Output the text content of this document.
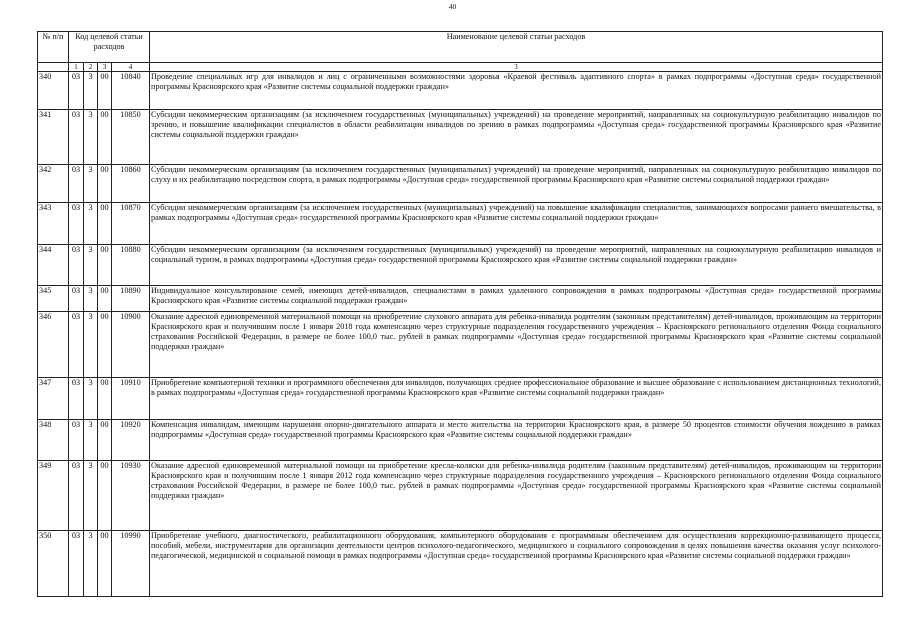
40
№ п/п	Код целевой статьи расходов				Наименование целевой статьи расходов

	1	2	3	4	3
340	03	3	00	10840	Проведение специальных игр для инвалидов и лиц с ограниченными возможностями здоровья «Краевой фестиваль адаптивного спорта» в рамках подпрограммы «Доступная среда» государственной программы Красноярского края «Развитие системы социальной поддержки граждан»
341	03	3	00	10850	Субсидии некоммерческим организациям (за исключением государственных (муниципальных) учреждений) на проведение мероприятий, направленных на социокультурную реабилитацию инвалидов по зрению, и повышение квалификации специалистов в области реабилитации инвалидов по зрению в рамках подпрограммы «Доступная среда» государственной программы Красноярского края «Развитие системы социальной поддержки граждан»
342	03	3	00	10860	Субсидии некоммерческим организациям (за исключением государственных (муниципальных) учреждений) на проведение мероприятий, направленных на социокультурную реабилитацию инвалидов по слуху и их реабилитацию посредством спорта, в рамках подпрограммы «Доступная среда» государственной программы Красноярского края «Развитие системы социальной поддержки граждан»
343	03	3	00	10870	Субсидии некоммерческим организациям (за исключением государственных (муниципальных) учреждений) на повышение квалификации специалистов, занимающихся вопросами раннего вмешательства, в рамках подпрограммы «Доступная среда» государственной программы Красноярского края «Развитие системы социальной поддержки граждан»
344	03	3	00	10880	Субсидии некоммерческим организациям (за исключением государственных (муниципальных) учреждений) на проведение мероприятий, направленных на социокультурную реабилитацию инвалидов и социальный туризм, в рамках подпрограммы «Доступная среда» государственной программы Красноярского края «Развитие системы социальной поддержки граждан»
345	03	3	00	10890	Индивидуальное консультирование семей, имеющих детей-инвалидов, специалистами в рамках удаленного сопровождения в рамках подпрограммы «Доступная среда» государственной программы Красноярского края «Развитие системы социальной поддержки граждан»
346	03	3	00	10900	Оказание адресной единовременной материальной помощи на приобретение слухового аппарата для ребенка-инвалида родителям (законным представителям) детей-инвалидов, проживающим на территории Красноярского края и получившим после 1 января 2018 года компенсацию через структурные подразделения государственного учреждения – Красноярского регионального отделения Фонда социального страхования Российской Федерации, в размере не более 100,0 тыс. рублей в рамках подпрограммы «Доступная среда» государственной программы Красноярского края «Развитие системы социальной поддержки граждан»
347	03	3	00	10910	Приобретение компьютерной техники и программного обеспечения для инвалидов, получающих среднее профессиональное образование и высшее образование с использованием дистанционных технологий, в рамках подпрограммы «Доступная среда» государственной программы Красноярского края «Развитие системы социальной поддержки граждан»
348	03	3	00	10920	Компенсация инвалидам, имеющим нарушения опорно-двигательного аппарата и место жительства на территории Красноярского края, в размере 50 процентов стоимости обучения вождению в рамках подпрограммы «Доступная среда» государственной программы Красноярского края «Развитие системы социальной поддержки граждан»
349	03	3	00	10930	Оказание адресной единовременной материальной помощи на приобретение кресла-коляски для ребенка-инвалида родителям (законным представителям) детей-инвалидов, проживающим на территории Красноярского края и получившим после 1 января 2012 года компенсацию через структурные подразделения государственного учреждения – Красноярского регионального отделения Фонда социального страхования Российской Федерации, в размере не более 100,0 тыс. рублей в рамках подпрограммы «Доступная среда» государственной программы Красноярского края «Развитие системы социальной поддержки граждан»
350	03	3	00	10990	Приобретение учебного, диагностического, реабилитационного оборудования, компьютерного оборудования с программным обеспечением для осуществления коррекционно-развивающего процесса, пособий, мебели, инструментария для организации деятельности центров психолого-педагогического, медицинского и социального сопровождения в целях повышения качества оказания услуг психолого-педагогической, медицинской и социальной помощи в рамках подпрограммы «Доступная среда» государственной программы Красноярского края «Развитие системы социальной поддержки граждан»
